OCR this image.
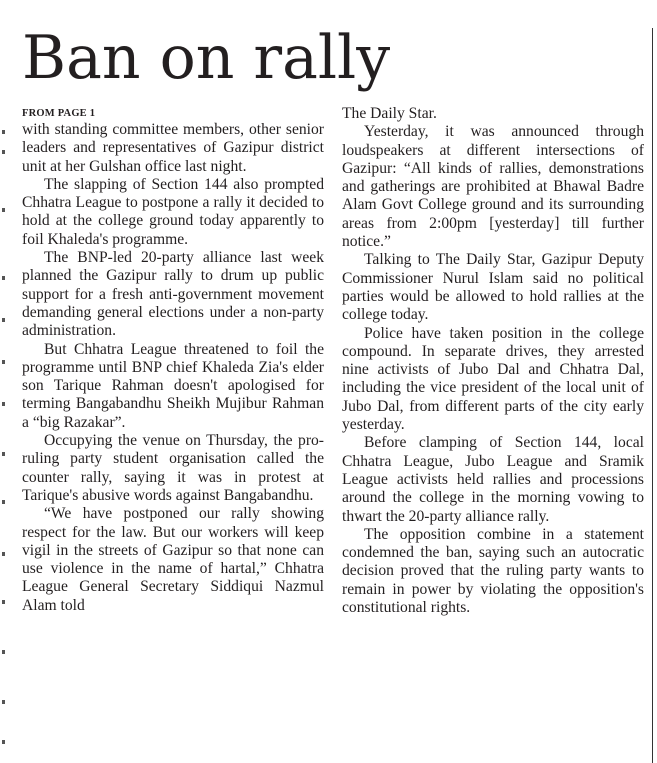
Ban on rally
FROM PAGE 1

with standing committee members, other senior leaders and representatives of Gazipur district unit at her Gulshan office last night.

The slapping of Section 144 also prompted Chhatra League to postpone a rally it decided to hold at the college ground today apparently to foil Khaleda's programme.

The BNP-led 20-party alliance last week planned the Gazipur rally to drum up public support for a fresh anti-government movement demanding general elections under a non-party administration.

But Chhatra League threatened to foil the programme until BNP chief Khaleda Zia's elder son Tarique Rahman doesn't apologised for terming Bangabandhu Sheikh Mujibur Rahman a “big Razakar”.

Occupying the venue on Thursday, the pro-ruling party student organisation called the counter rally, saying it was in protest at Tarique's abusive words against Bangabandhu.

“We have postponed our rally showing respect for the law. But our workers will keep vigil in the streets of Gazipur so that none can use violence in the name of hartal,” Chhatra League General Secretary Siddiqui Nazmul Alam told

The Daily Star.

Yesterday, it was announced through loudspeakers at different intersections of Gazipur: “All kinds of rallies, demonstrations and gatherings are prohibited at Bhawal Badre Alam Govt College ground and its surrounding areas from 2:00pm [yesterday] till further notice.”

Talking to The Daily Star, Gazipur Deputy Commissioner Nurul Islam said no political parties would be allowed to hold rallies at the college today.

Police have taken position in the college compound. In separate drives, they arrested nine activists of Jubo Dal and Chhatra Dal, including the vice president of the local unit of Jubo Dal, from different parts of the city early yesterday.

Before clamping of Section 144, local Chhatra League, Jubo League and Sramik League activists held rallies and processions around the college in the morning vowing to thwart the 20-party alliance rally.

The opposition combine in a statement condemned the ban, saying such an autocratic decision proved that the ruling party wants to remain in power by violating the opposition's constitutional rights.
